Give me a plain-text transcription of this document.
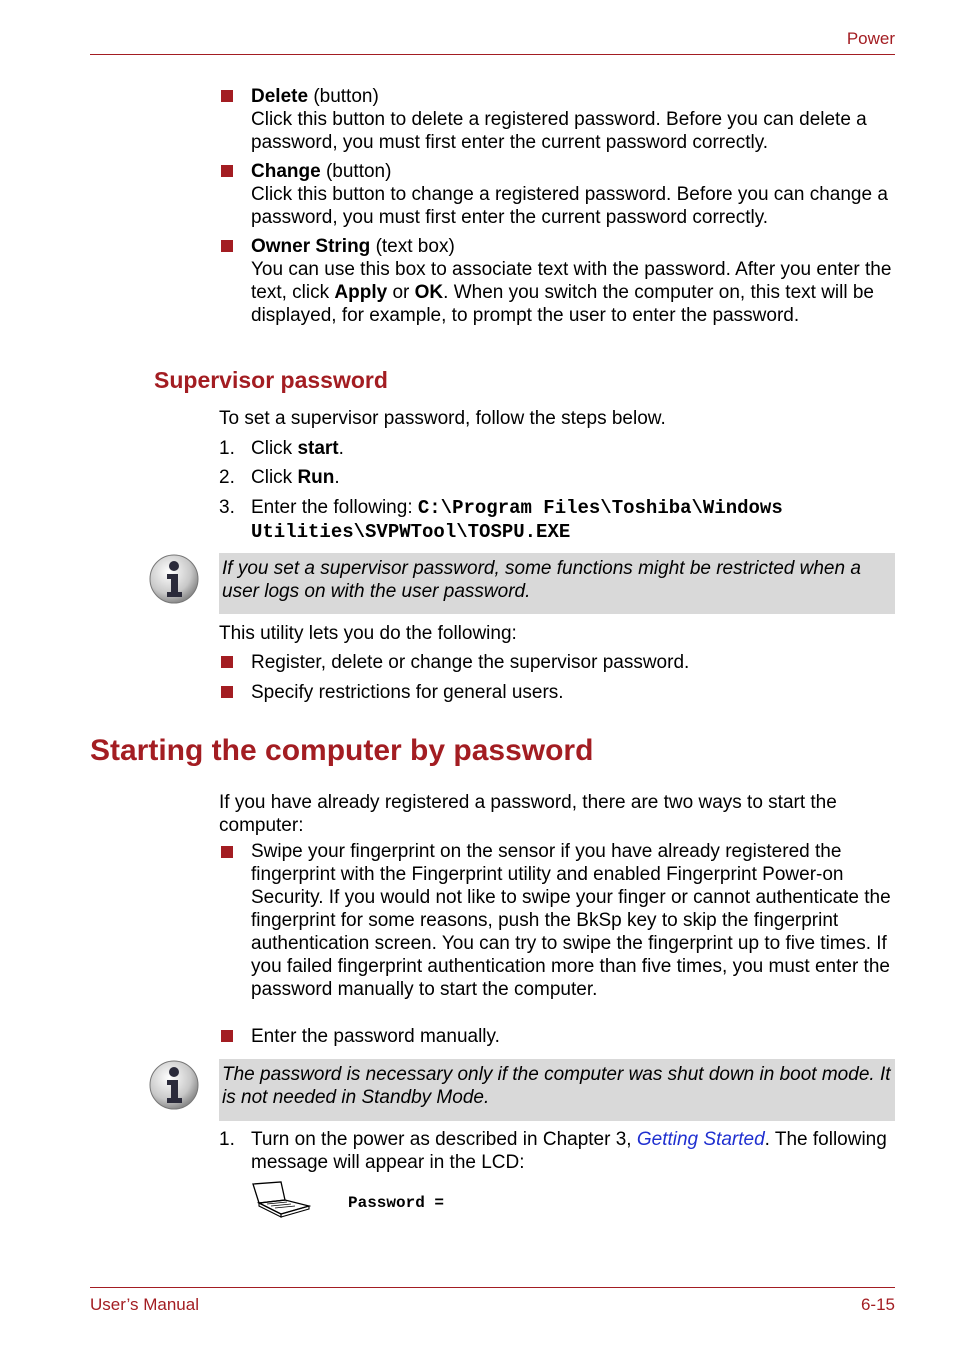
Power
Delete (button)
Click this button to delete a registered password. Before you can delete a password, you must first enter the current password correctly.
Change (button)
Click this button to change a registered password. Before you can change a password, you must first enter the current password correctly.
Owner String (text box)
You can use this box to associate text with the password. After you enter the text, click Apply or OK. When you switch the computer on, this text will be displayed, for example, to prompt the user to enter the password.
Supervisor password
To set a supervisor password, follow the steps below.
1. Click start.
2. Click Run.
3. Enter the following: C:\Program Files\Toshiba\Windows
Utilities\SVPWTool\TOSPU.EXE
If you set a supervisor password, some functions might be restricted when a user logs on with the user password.
This utility lets you do the following:
Register, delete or change the supervisor password.
Specify restrictions for general users.
Starting the computer by password
If you have already registered a password, there are two ways to start the computer:
Swipe your fingerprint on the sensor if you have already registered the fingerprint with the Fingerprint utility and enabled Fingerprint Power-on Security. If you would not like to swipe your finger or cannot authenticate the fingerprint for some reasons, push the BkSp key to skip the fingerprint authentication screen. You can try to swipe the fingerprint up to five times. If you failed fingerprint authentication more than five times, you must enter the password manually to start the computer.
Enter the password manually.
The password is necessary only if the computer was shut down in boot mode. It is not needed in Standby Mode.
1. Turn on the power as described in Chapter 3, Getting Started. The following message will appear in the LCD:
Password =
User’s Manual	6-15
